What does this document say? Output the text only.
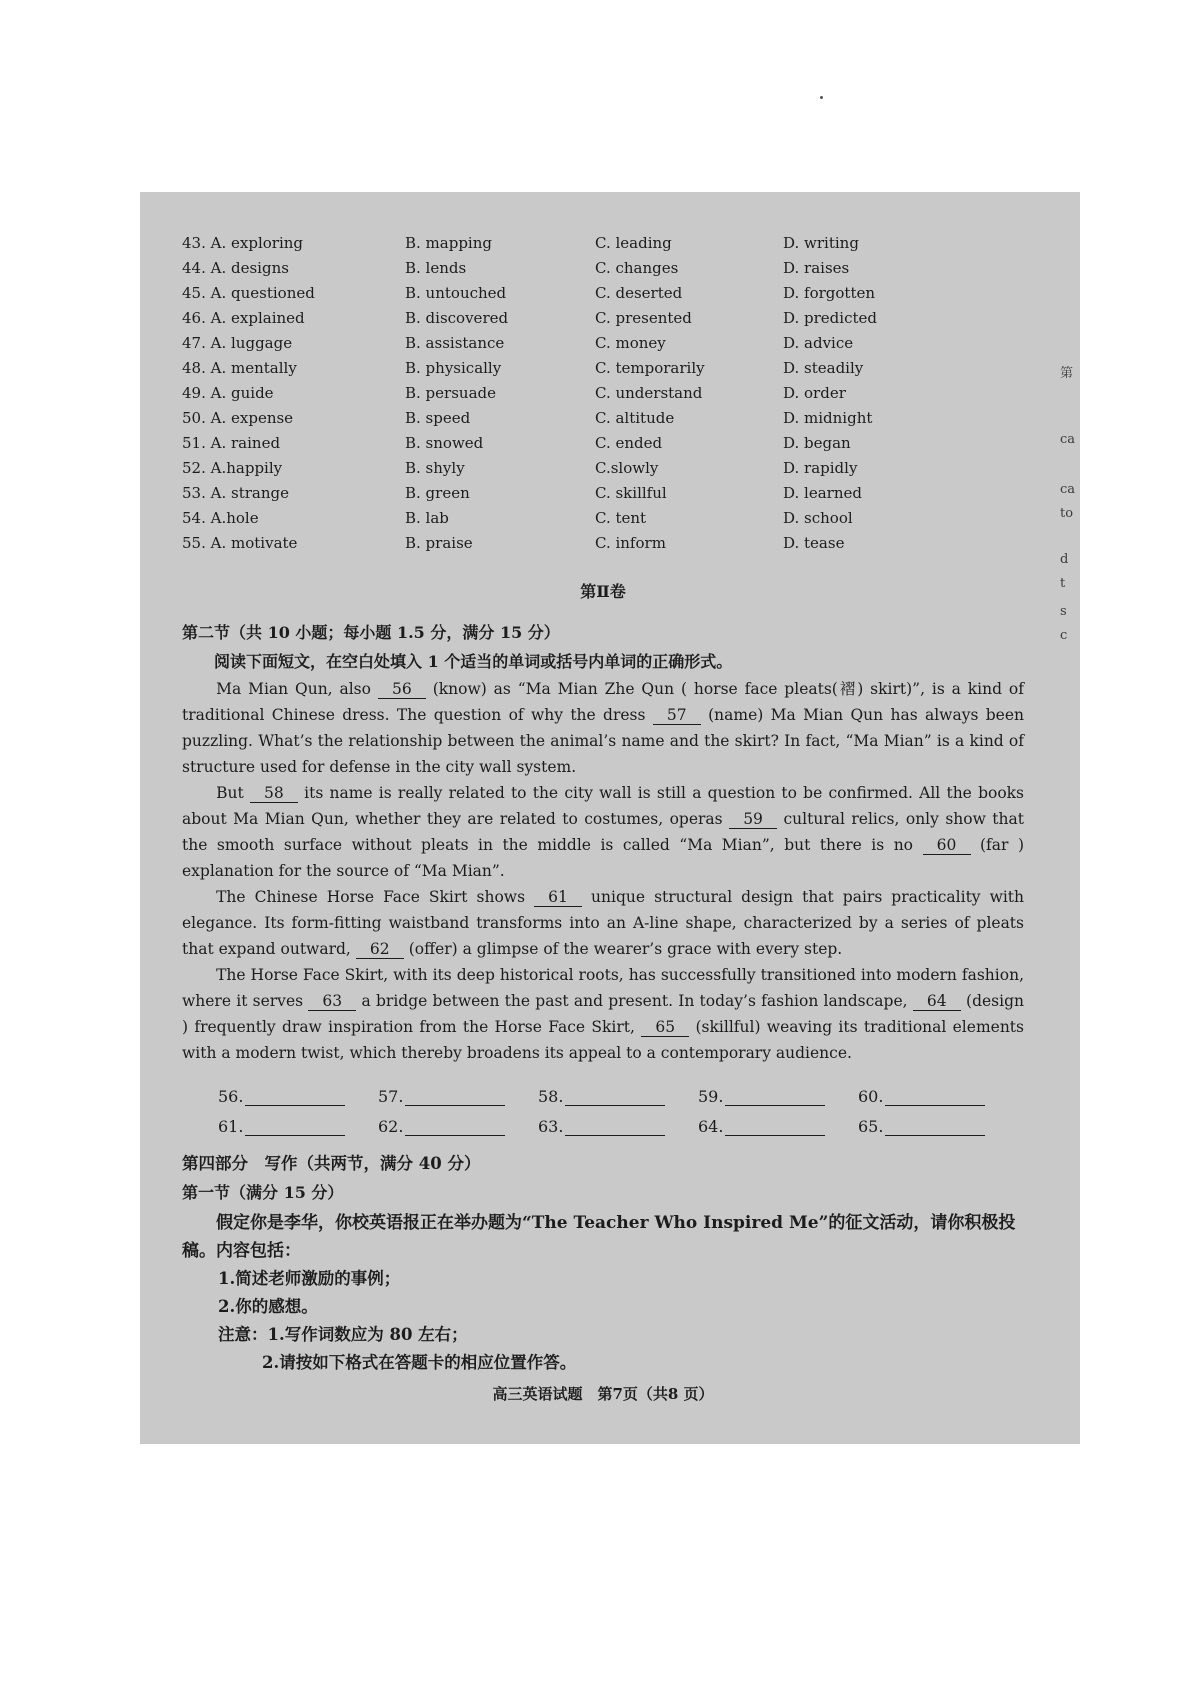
43. A. exploring	B. mapping	C. leading	D. writing
44. A. designs	B. lends	C. changes	D. raises
45. A. questioned	B. untouched	C. deserted	D. forgotten
46. A. explained	B. discovered	C. presented	D. predicted
47. A. luggage	B. assistance	C. money	D. advice
48. A. mentally	B. physically	C. temporarily	D. steadily
49. A. guide	B. persuade	C. understand	D. order
50. A. expense	B. speed	C. altitude	D. midnight
51. A. rained	B. snowed	C. ended	D. began
52. A.happily	B. shyly	C.slowly	D. rapidly
53. A. strange	B. green	C. skillful	D. learned
54. A.hole	B. lab	C. tent	D. school
55. A. motivate	B. praise	C. inform	D. tease
第Ⅱ卷
第二节（共 10 小题；每小题 1.5 分，满分 15 分）
阅读下面短文，在空白处填入 1 个适当的单词或括号内单词的正确形式。

Ma Mian Qun, also 56 (know) as “Ma Mian Zhe Qun ( horse face pleats(褶) skirt)”, is a kind of traditional Chinese dress. The question of why the dress 57 (name) Ma Mian Qun has always been puzzling. What’s the relationship between the animal’s name and the skirt? In fact, “Ma Mian” is a kind of structure used for defense in the city wall system.

But 58 its name is really related to the city wall is still a question to be confirmed. All the books about Ma Mian Qun, whether they are related to costumes, operas 59 cultural relics, only show that the smooth surface without pleats in the middle is called “Ma Mian”, but there is no 60 (far ) explanation for the source of “Ma Mian”.

The Chinese Horse Face Skirt shows 61 unique structural design that pairs practicality with elegance. Its form-fitting waistband transforms into an A-line shape, characterized by a series of pleats that expand outward, 62 (offer) a glimpse of the wearer’s grace with every step.

The Horse Face Skirt, with its deep historical roots, has successfully transitioned into modern fashion, where it serves 63 a bridge between the past and present. In today’s fashion landscape, 64 (design ) frequently draw inspiration from the Horse Face Skirt, 65 (skillful) weaving its traditional elements with a modern twist, which thereby broadens its appeal to a contemporary audience.

56.	57.	58.	59.	60.
61.	62.	63.	64.	65.
第四部分　写作（共两节，满分 40 分）
第一节（满分 15 分）

假定你是李华，你校英语报正在举办题为“The Teacher Who Inspired Me”的征文活动，请你积极投稿。内容包括：

1.简述老师激励的事例；
2.你的感想。
注意：1.写作词数应为 80 左右；
2.请按如下格式在答题卡的相应位置作答。
高三英语试题　第7页（共8 页）
第
ca
ca
to
d
t
s
c
